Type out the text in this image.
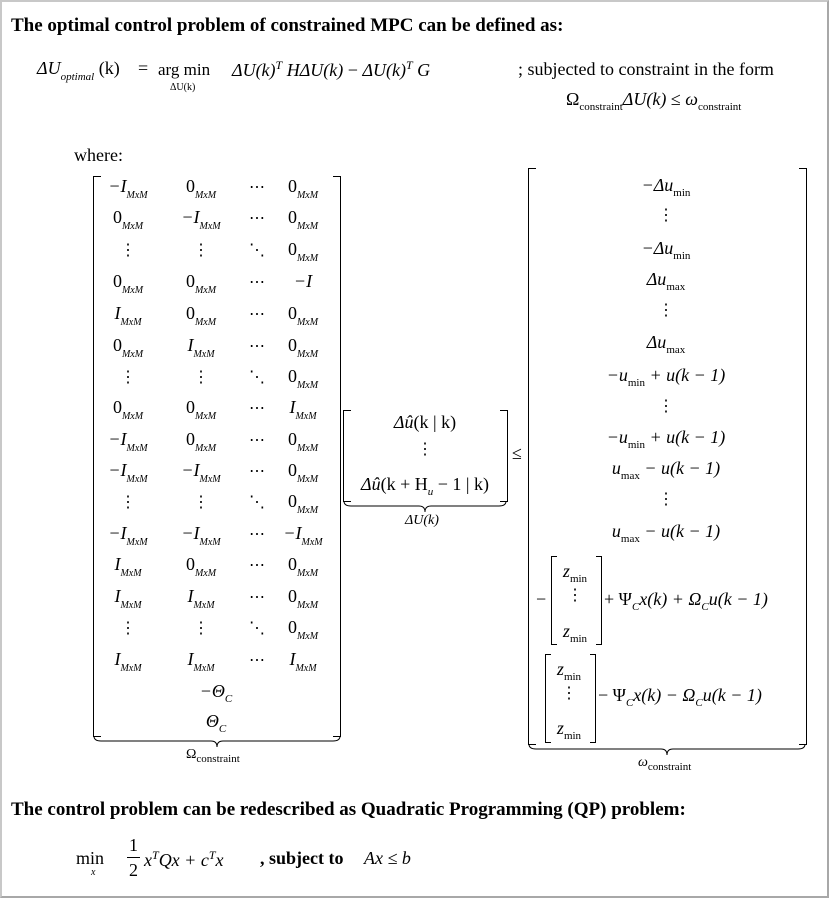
The optimal control problem of constrained MPC can be defined as:
$\Delta U_{optimal}$ (k) = arg min
ΔU(k)
$\Delta U(k)^T$ $H\Delta U(k) - \Delta U(k)^T$ G	; subjected to constraint in the form
$\Omega_{constraint}\Delta U(k) \le \omega_{constraint}$
where:
$-I_{MxM}$ $0_{MxM}$ ⋯ $0_{MxM}$
$0_{MxM} -I_{MxM}$ ⋯ $0_{MxM}$
⋮	⋮	⋱ $0_{MxM}$
$0_{MxM}$ $0_{MxM}$ ⋯ −I
$I_{MxM}$ $0_{MxM}$ ⋯ $0_{MxM}$
$0_{MxM}$ $I_{MxM}$ ⋯ $0_{MxM}$
⋮	⋮	⋱ $0_{MxM}$
$0_{MxM}$ $0_{MxM}$ ⋯ $I_{MxM}$
$-I_{MxM}$ $0_{MxM}$ ⋯ $0_{MxM}$
$-I_{MxM} -I_{MxM}$ ⋯ $0_{MxM}$
⋮	⋮	⋱ $0_{MxM}$
$-I_{MxM} -I_{MxM}$ ⋯ $-I_{MxM}$
$I_{MxM}$ $0_{MxM}$ ⋯ $0_{MxM}$
$I_{MxM}$	$I_{MxM}$ ⋯ $0_{MxM}$
⋮	⋮	⋱ $0_{MxM}$
$I_{MxM}$	$I_{MxM}$ ⋯ $I_{MxM}$
$-\Theta_C$
$\Theta_C$
$\Omega_{constraint}$
Δû(k | k)
⋮
Δû(k + $H_u - 1$ | k)
ΔU(k)
≤
$-\Delta u_{min}$
⋮
$-\Delta u_{min}$
$\Delta u_{max}$
⋮
$\Delta u_{max}$
$-u_{min} + u(k - 1)$
⋮
$-u_{min} + u(k - 1)$
$u_{max} - u(k - 1)$
⋮
$u_{max} - u(k - 1)$
−
$z_{min}$
⋮
$z_{min}$
+ $\Psi_Cx(k) + \Omega_Cu(k - 1)$
$z_{min}$
⋮
$z_{min}$
− $\Psi_Cx(k) - \Omega_Cu(k - 1)$
$\omega_{constraint}$
The control problem can be redescribed as Quadratic Programming (QP) problem:
min
x
1
2 $x^TQx + c^Tx$ , subject to Ax ≤ b
